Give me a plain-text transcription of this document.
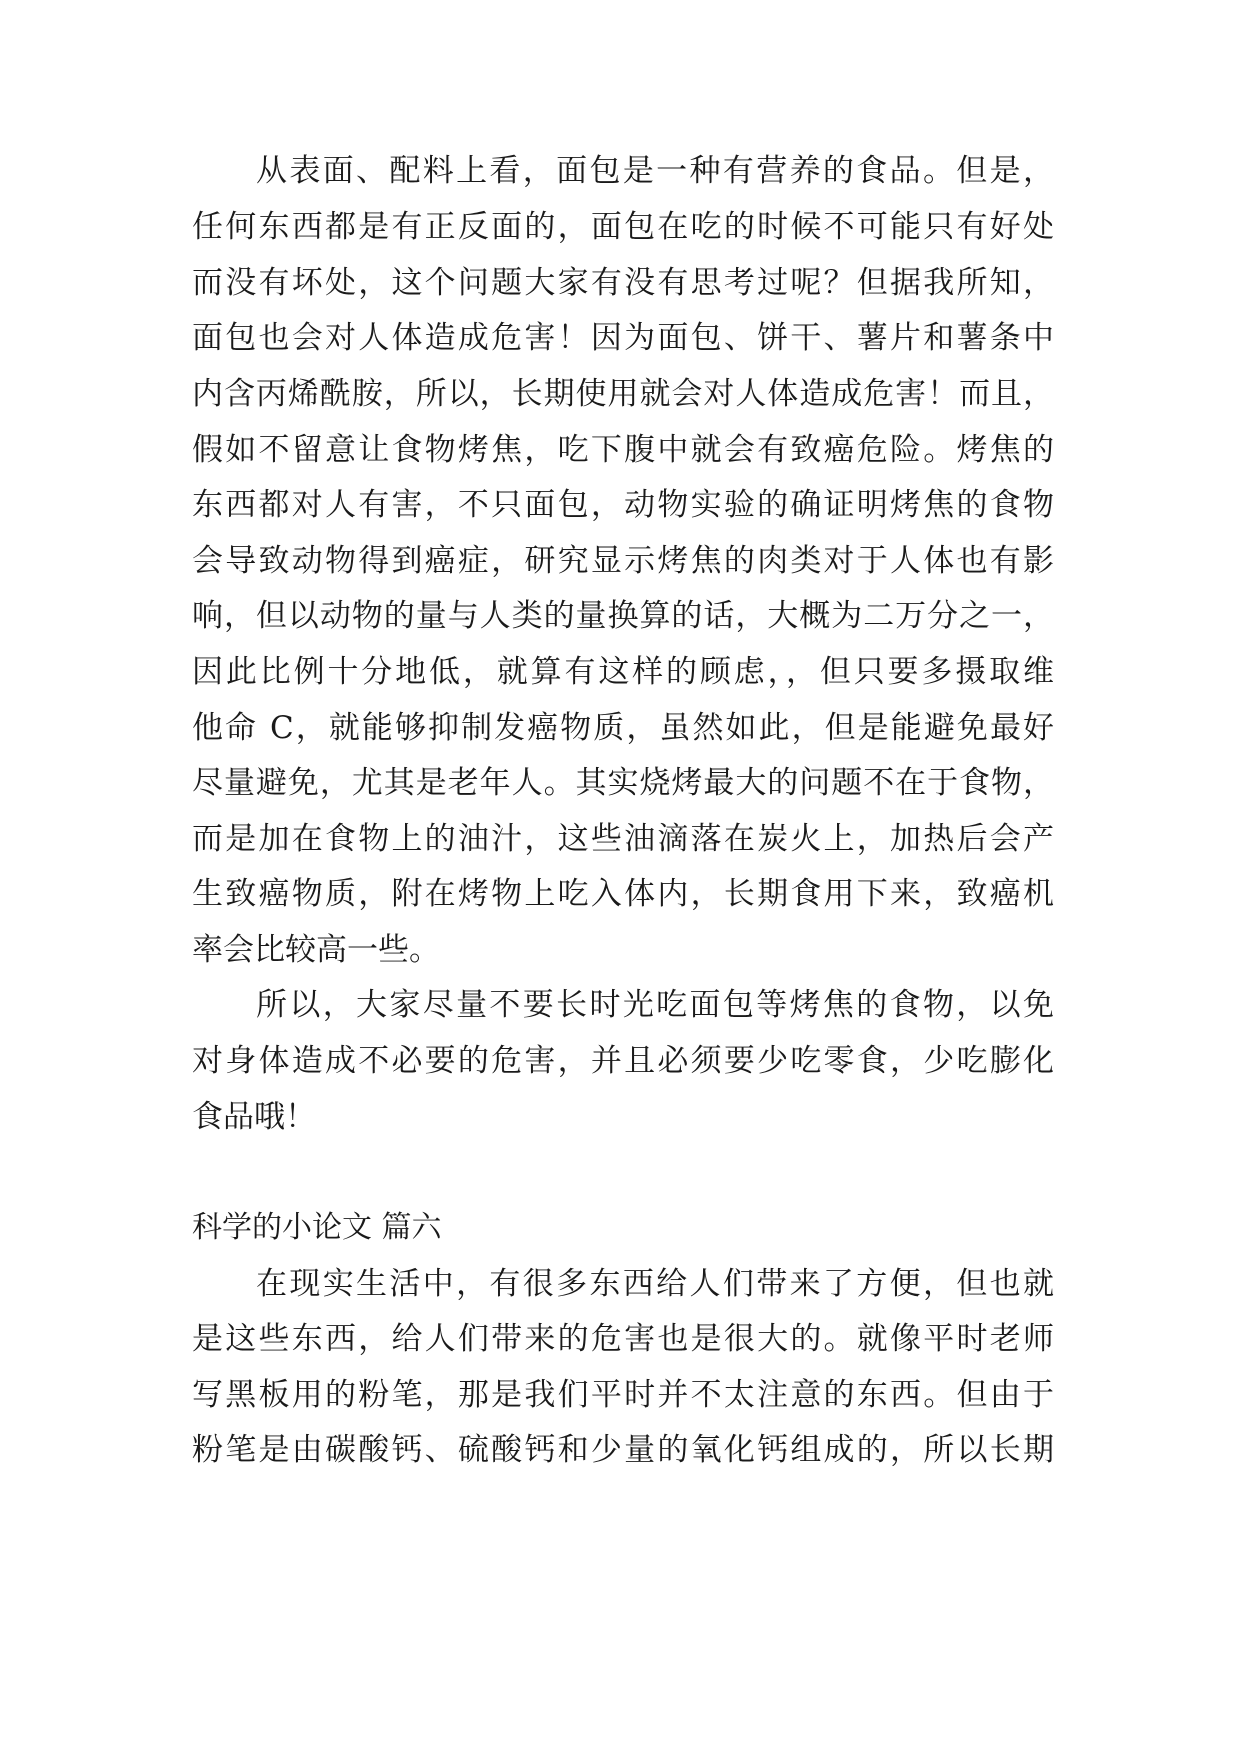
从表面、配料上看，面包是一种有营养的食品。但是，
任何东西都是有正反面的，面包在吃的时候不可能只有好处
而没有坏处，这个问题大家有没有思考过呢？但据我所知，
面包也会对人体造成危害！因为面包、饼干、薯片和薯条中
内含丙烯酰胺，所以，长期使用就会对人体造成危害！而且，
假如不留意让食物烤焦，吃下腹中就会有致癌危险。烤焦的
东西都对人有害，不只面包，动物实验的确证明烤焦的食物
会导致动物得到癌症，研究显示烤焦的肉类对于人体也有影
响，但以动物的量与人类的量换算的话，大概为二万分之一，
因此比例十分地低，就算有这样的顾虑，，但只要多摄取维
他命 C，就能够抑制发癌物质，虽然如此，但是能避免最好
尽量避免，尤其是老年人。其实烧烤最大的问题不在于食物，
而是加在食物上的油汁，这些油滴落在炭火上，加热后会产
生致癌物质，附在烤物上吃入体内，长期食用下来，致癌机
率会比较高一些。
所以，大家尽量不要长时光吃面包等烤焦的食物，以免
对身体造成不必要的危害，并且必须要少吃零食，少吃膨化
食品哦！
科学的小论文 篇六
在现实生活中，有很多东西给人们带来了方便，但也就
是这些东西，给人们带来的危害也是很大的。就像平时老师
写黑板用的粉笔，那是我们平时并不太注意的东西。但由于
粉笔是由碳酸钙、硫酸钙和少量的氧化钙组成的，所以长期
